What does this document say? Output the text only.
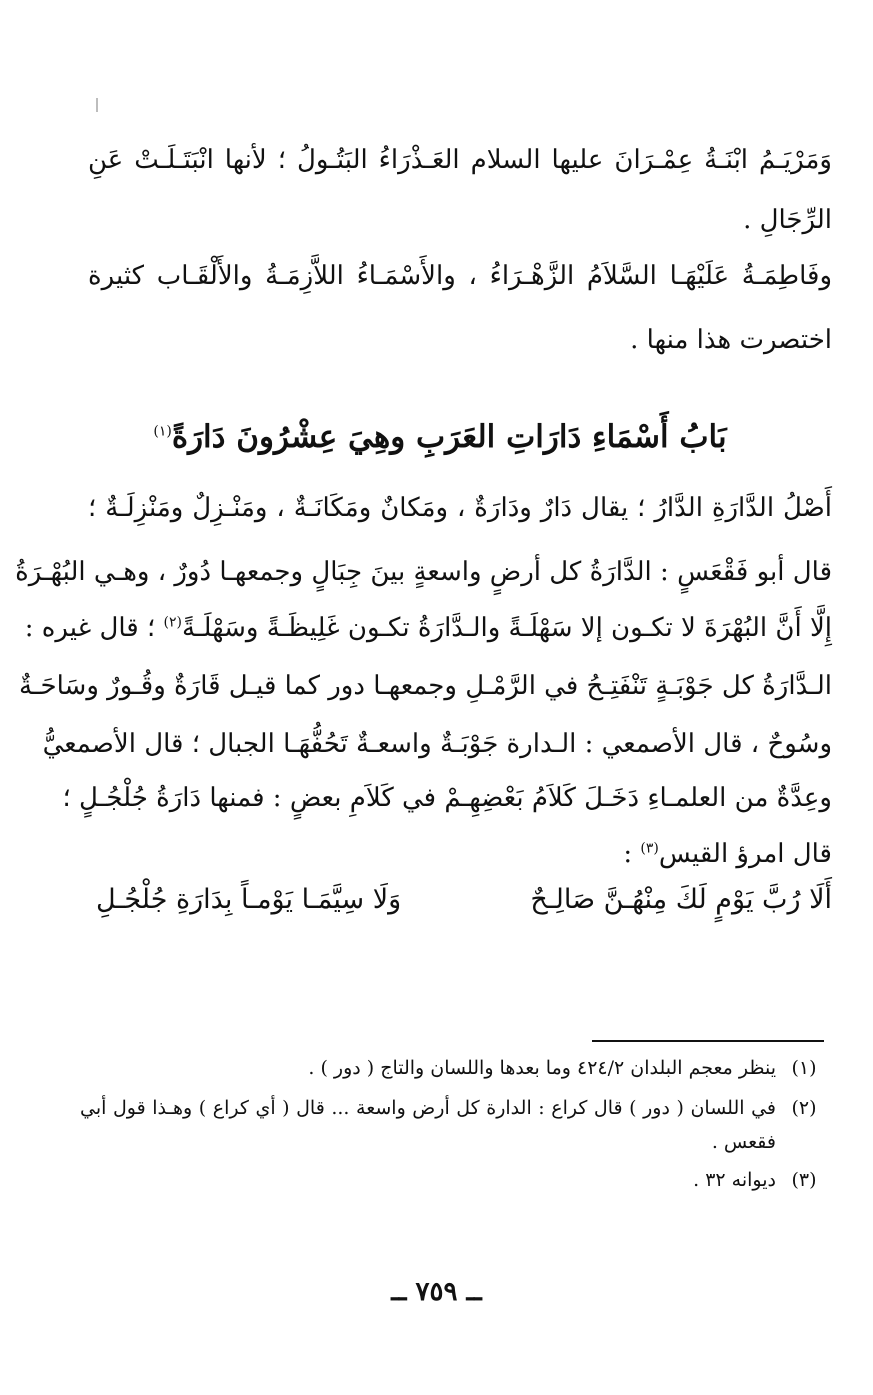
وَمَرْيَـمُ ابْنَـةُ عِمْـرَانَ عليها السلام العَـذْرَاءُ البَتُـولُ ؛ لأنها انْبَتَـلَـتْ عَنِ
الرِّجَالِ .
وفَاطِمَـةُ عَلَيْهَـا السَّلاَمُ الزَّهْـرَاءُ ، والأَسْمَـاءُ اللاَّزِمَـةُ والأَلْقَـاب كثيرة
اختصرت هذا منها .
بَابُ أَسْمَاءِ دَارَاتِ العَرَبِ وهِيَ عِشْرُونَ دَارَةً$^{(١)}$
أَصْلُ الدَّارَةِ الدَّارُ ؛ يقال دَارٌ ودَارَةٌ ، ومَكانٌ ومَكَانَـةٌ ، ومَنْـزِلٌ ومَنْزِلَـةٌ ؛
قال أبو فَقْعَسٍ : الدَّارَةُ كل أرضٍ واسعةٍ بينَ جِبَالٍ وجمعهـا دُورٌ ، وهـي البُهْـرَةُ
إِلَّا أَنَّ البُهْرَةَ لا تكـون إلا سَهْلَـةً والـدَّارَةُ تكـون غَلِيظَـةً وسَهْلَـةً$^{(٢)}$ ؛ قال غيره :
الـدَّارَةُ كل جَوْبَـةٍ تَنْفَتِـحُ في الرَّمْـلِ وجمعهـا دور كما قيـل قَارَةٌ وقُـورٌ وسَاحَـةٌ
وسُوحٌ ، قال الأصمعي : الـدارة جَوْبَـةٌ واسعـةٌ تَحُفُّهَـا الجبال ؛ قال الأصمعيُّ
وعِدَّةٌ من العلمـاءِ دَخَـلَ كَلاَمُ بَعْضِهِـمْ في كَلاَمِ بعضٍ : فمنها دَارَةُ جُلْجُـلٍ ؛
قال امرؤ القيس$^{(٣)}$ :
أَلَا رُبَّ يَوْمٍ لَكَ مِنْهُـنَّ صَالِـحٌ
وَلَا سِيَّمَـا يَوْمـاً بِدَارَةِ جُلْجُـلِ
(١)
ينظر معجم البلدان ٤٢٤/٢ وما بعدها واللسان والتاج ( دور ) .
(٢)
في اللسان ( دور ) قال كراع : الدارة كل أرض واسعة ... قال ( أي كراع ) وهـذا قول أبي
فقعس .
(٣)
ديوانه ٣٢ .
ــ ٧٥٩ ــ
